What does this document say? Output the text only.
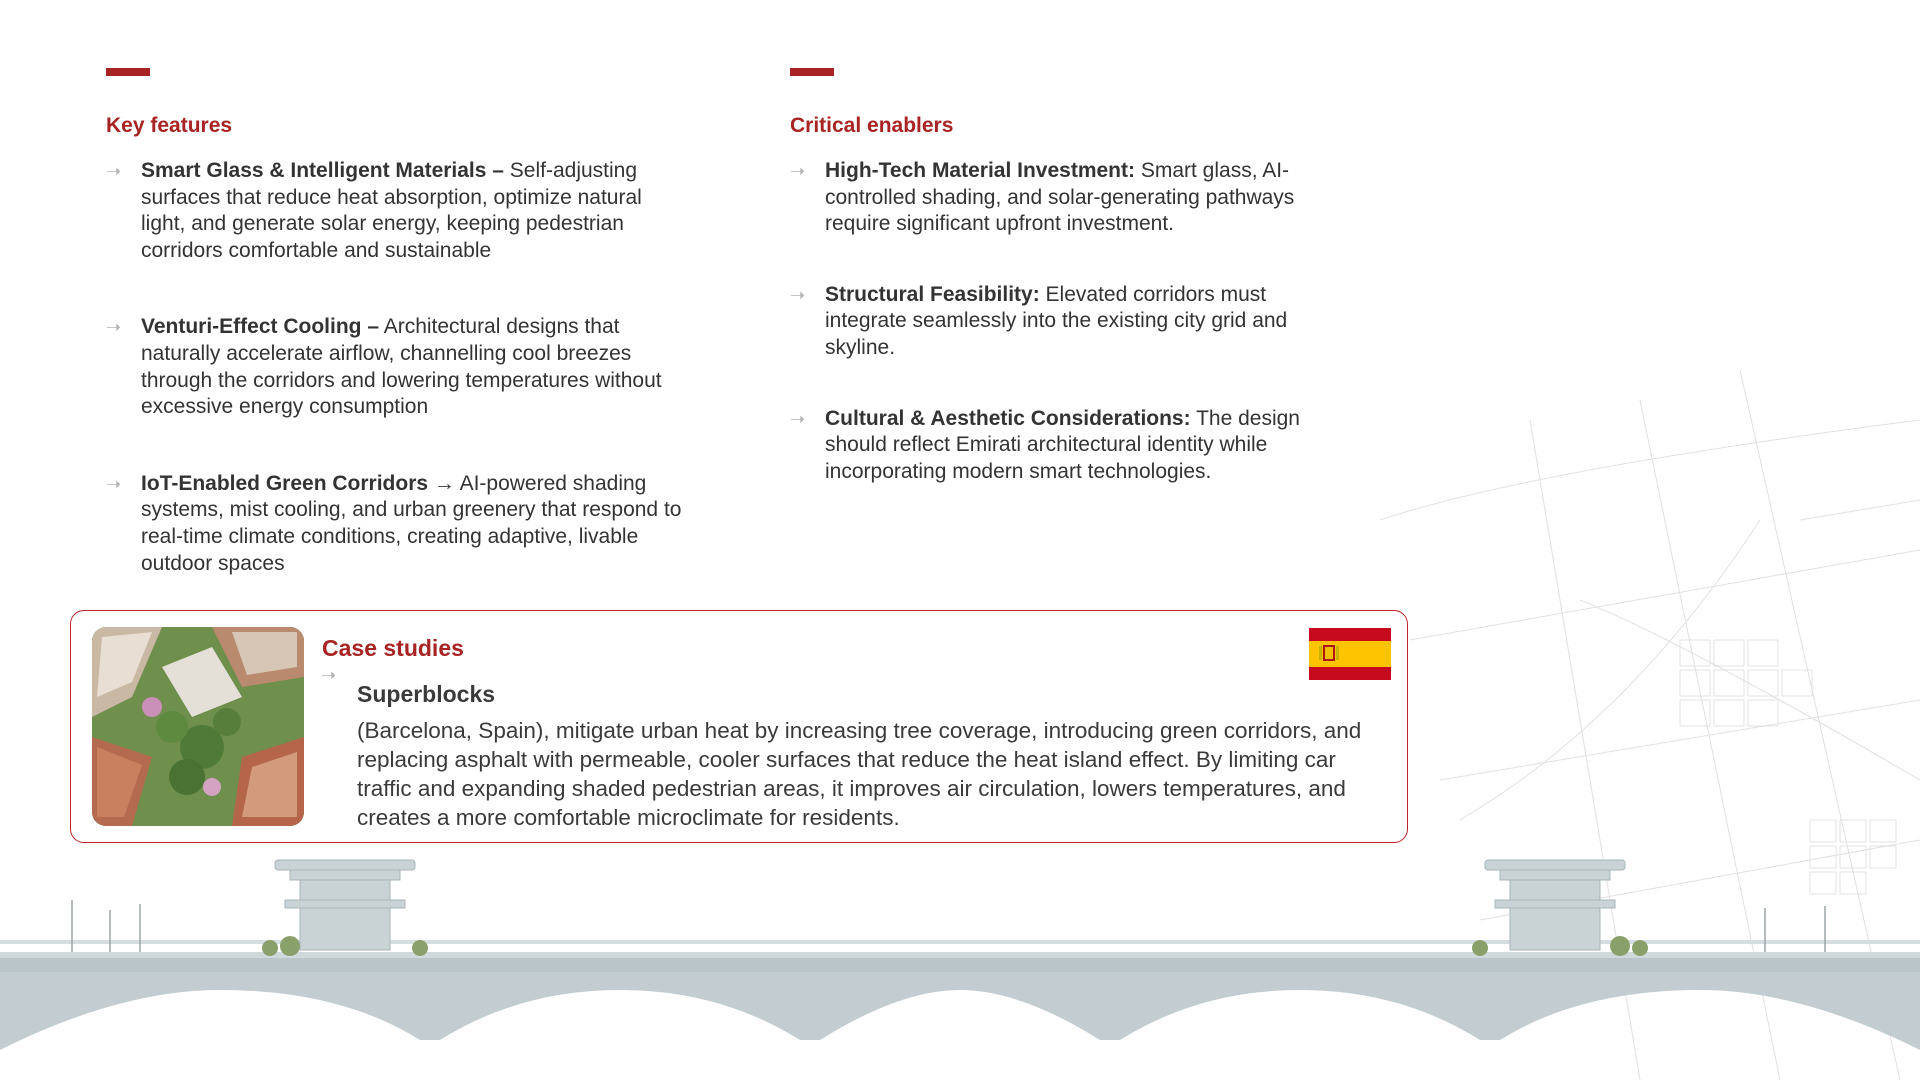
Key features
➝ Smart Glass & Intelligent Materials – Self-adjusting surfaces that reduce heat absorption, optimize natural light, and generate solar energy, keeping pedestrian corridors comfortable and sustainable
➝ Venturi-Effect Cooling – Architectural designs that naturally accelerate airflow, channelling cool breezes through the corridors and lowering temperatures without excessive energy consumption
➝ IoT-Enabled Green Corridors → AI-powered shading systems, mist cooling, and urban greenery that respond to real-time climate conditions, creating adaptive, livable outdoor spaces
Critical enablers
➝ High-Tech Material Investment: Smart glass, AI-controlled shading, and solar-generating pathways require significant upfront investment.
➝ Structural Feasibility: Elevated corridors must integrate seamlessly into the existing city grid and skyline.
➝ Cultural & Aesthetic Considerations: The design should reflect Emirati architectural identity while incorporating modern smart technologies.
Case studies
➝
Superblocks
(Barcelona, Spain), mitigate urban heat by increasing tree coverage, introducing green corridors, and replacing asphalt with permeable, cooler surfaces that reduce the heat island effect. By limiting car traffic and expanding shaded pedestrian areas, it improves air circulation, lowers temperatures, and creates a more comfortable microclimate for residents.
